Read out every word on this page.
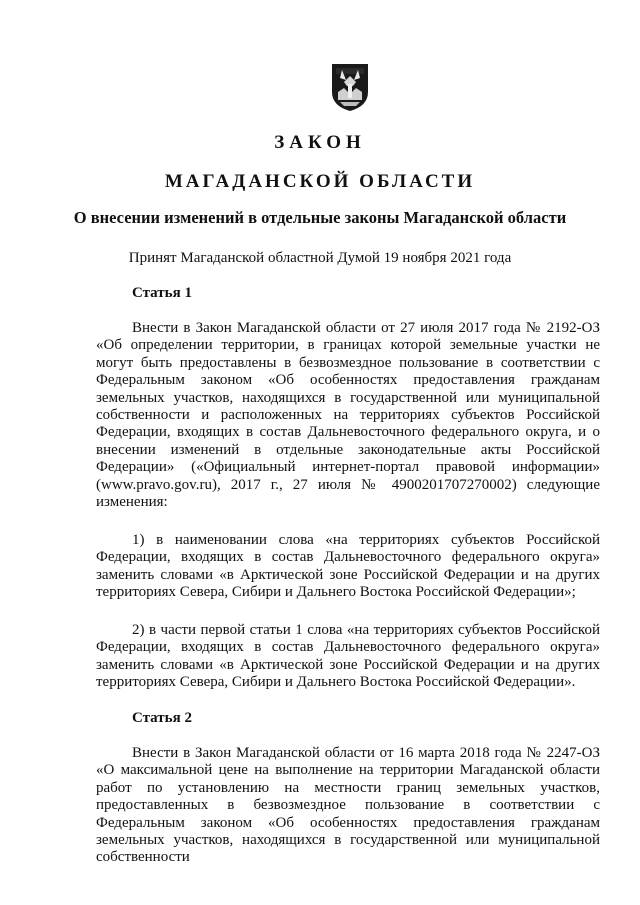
ЗАКОН

МАГАДАНСКОЙ ОБЛАСТИ

О внесении изменений в отдельные законы Магаданской области

Принят Магаданской областной Думой 19 ноября 2021 года

Статья 1

Внести в Закон Магаданской области от 27 июля 2017 года № 2192-ОЗ «Об определении территории, в границах которой земельные участки не могут быть предоставлены в безвозмездное пользование в соответствии с Федеральным законом «Об особенностях предоставления гражданам земельных участков, находящихся в государственной или муниципальной собственности и расположенных на территориях субъектов Российской Федерации, входящих в состав Дальневосточного федерального округа, и о внесении изменений в отдельные законодательные акты Российской Федерации» («Официальный интернет-портал правовой информации» (www.pravo.gov.ru), 2017 г., 27 июля № 4900201707270002) следующие изменения:

1) в наименовании слова «на территориях субъектов Российской Федерации, входящих в состав Дальневосточного федерального округа» заменить словами «в Арктической зоне Российской Федерации и на других территориях Севера, Сибири и Дальнего Востока Российской Федерации»;

2) в части первой статьи 1 слова «на территориях субъектов Российской Федерации, входящих в состав Дальневосточного федерального округа» заменить словами «в Арктической зоне Российской Федерации и на других территориях Севера, Сибири и Дальнего Востока Российской Федерации».

Статья 2

Внести в Закон Магаданской области от 16 марта 2018 года № 2247-ОЗ «О максимальной цене на выполнение на территории Магаданской области работ по установлению на местности границ земельных участков, предоставленных в безвозмездное пользование в соответствии с Федеральным законом «Об особенностях предоставления гражданам земельных участков, находящихся в государственной или муниципальной собственности
